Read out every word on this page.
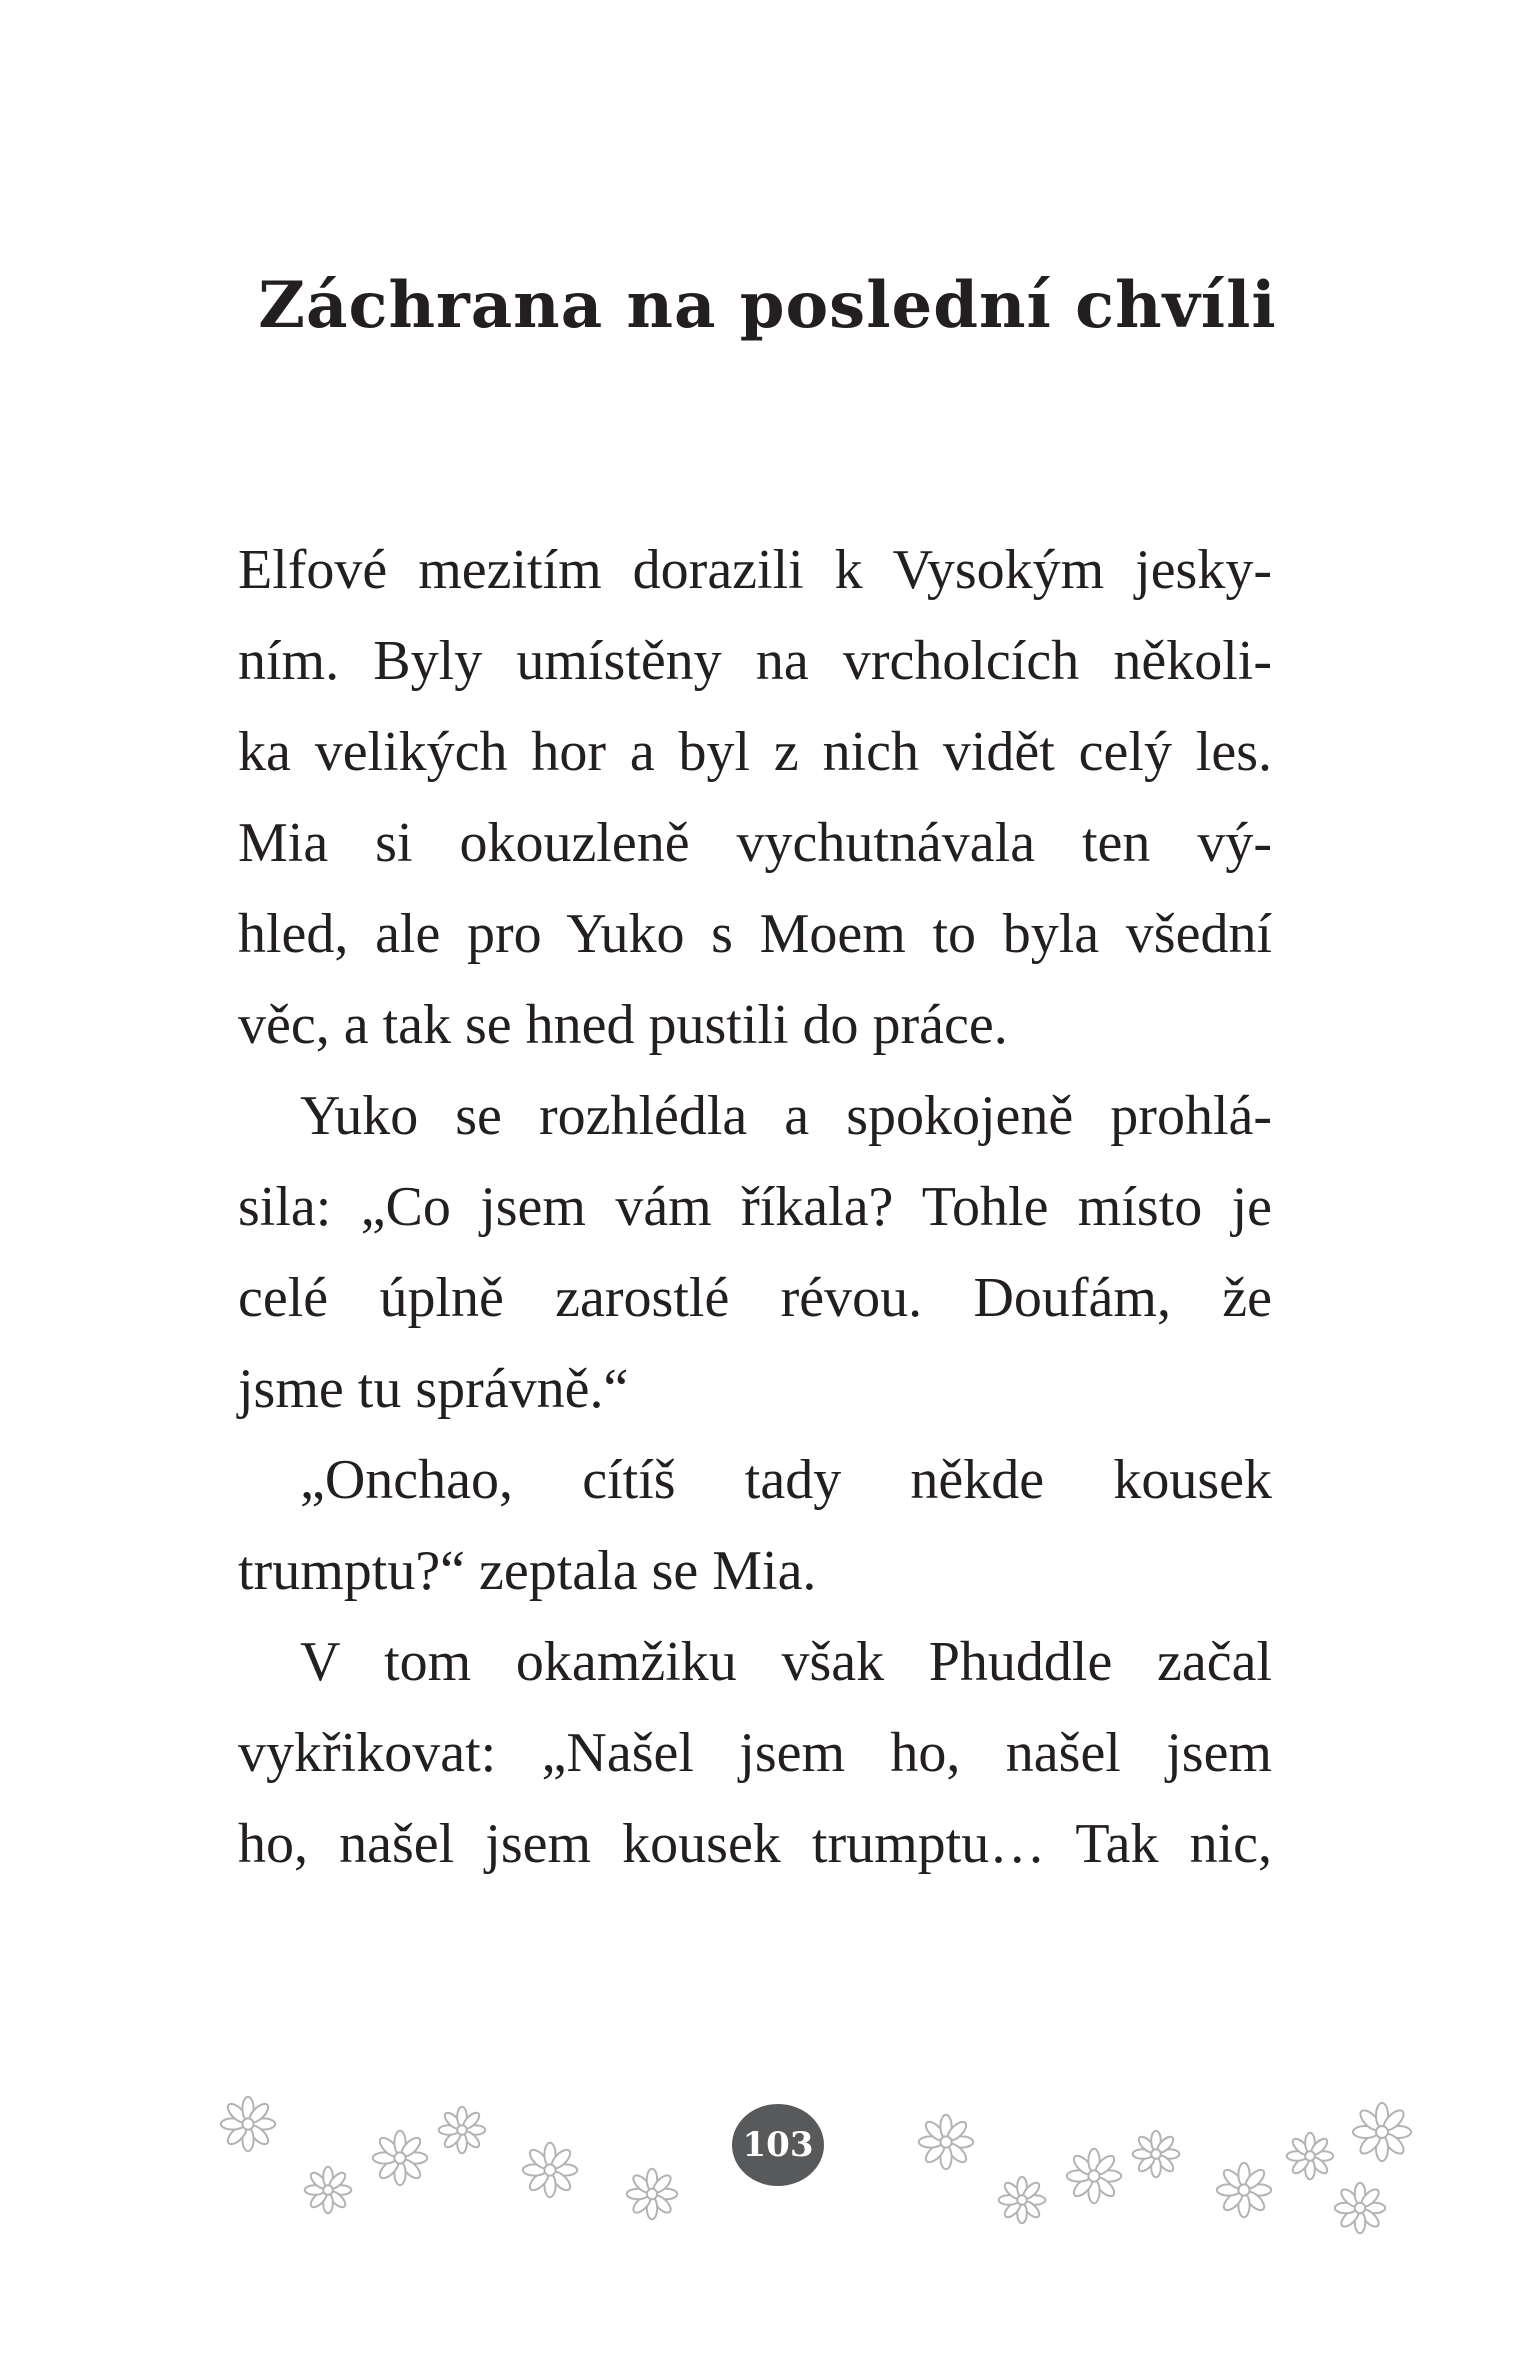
Záchrana na poslední chvíli
Elfové mezitím dorazili k Vysokým jesky-
ním. Byly umístěny na vrcholcích několi-
ka velikých hor a byl z nich vidět celý les.
Mia si okouzleně vychutnávala ten vý-
hled, ale pro Yuko s Moem to byla všední
věc, a tak se hned pustili do práce.
Yuko se rozhlédla a spokojeně prohlá-
sila: „Co jsem vám říkala? Tohle místo je
celé úplně zarostlé révou. Doufám, že
jsme tu správně.“
„Onchao, cítíš tady někde kousek
trumptu?“ zeptala se Mia.
V tom okamžiku však Phuddle začal
vykřikovat: „Našel jsem ho, našel jsem
ho, našel jsem kousek trumptu… Tak nic,
103
